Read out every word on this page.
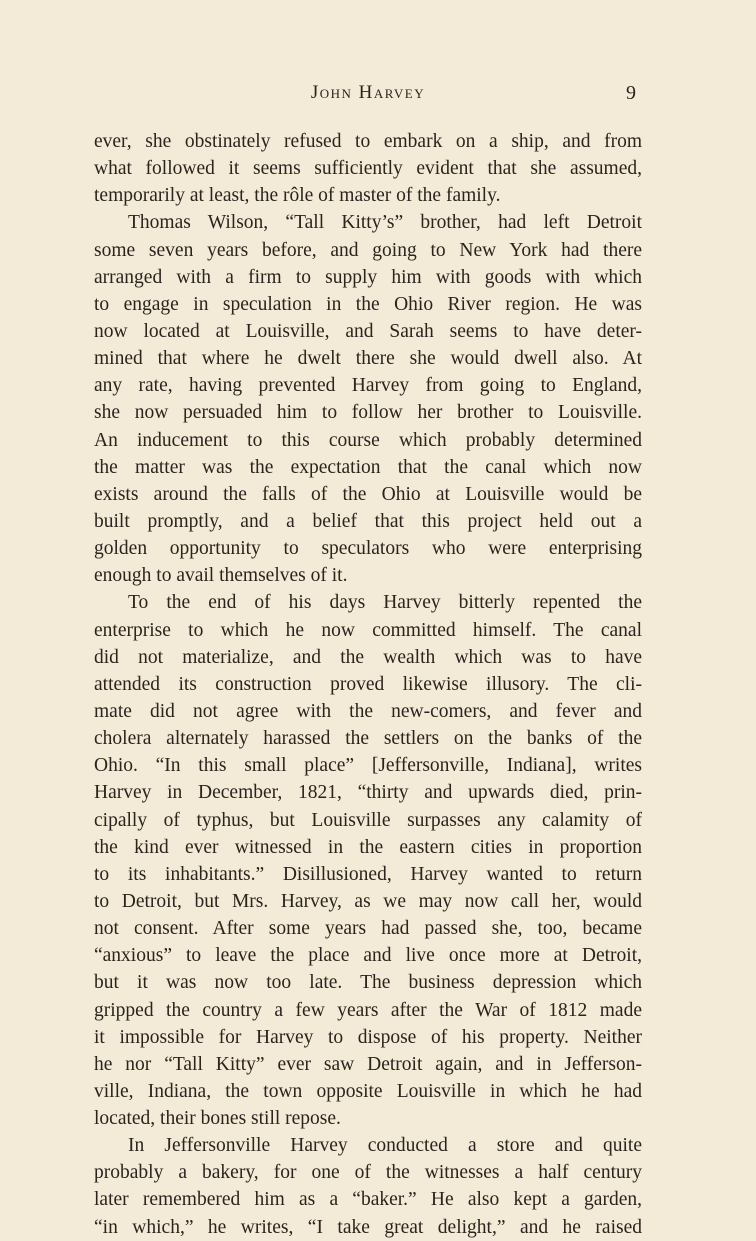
John Harvey	9
ever, she obstinately refused to embark on a ship, and from
what followed it seems sufficiently evident that she assumed,
temporarily at least, the rôle of master of the family.
Thomas Wilson, “Tall Kitty’s” brother, had left Detroit
some seven years before, and going to New York had there
arranged with a firm to supply him with goods with which
to engage in speculation in the Ohio River region. He was
now located at Louisville, and Sarah seems to have deter-
mined that where he dwelt there she would dwell also. At
any rate, having prevented Harvey from going to England,
she now persuaded him to follow her brother to Louisville.
An inducement to this course which probably determined
the matter was the expectation that the canal which now
exists around the falls of the Ohio at Louisville would be
built promptly, and a belief that this project held out a
golden opportunity to speculators who were enterprising
enough to avail themselves of it.
To the end of his days Harvey bitterly repented the
enterprise to which he now committed himself. The canal
did not materialize, and the wealth which was to have
attended its construction proved likewise illusory. The cli-
mate did not agree with the new-comers, and fever and
cholera alternately harassed the settlers on the banks of the
Ohio. “In this small place” [Jeffersonville, Indiana], writes
Harvey in December, 1821, “thirty and upwards died, prin-
cipally of typhus, but Louisville surpasses any calamity of
the kind ever witnessed in the eastern cities in proportion
to its inhabitants.” Disillusioned, Harvey wanted to return
to Detroit, but Mrs. Harvey, as we may now call her, would
not consent. After some years had passed she, too, became
“anxious” to leave the place and live once more at Detroit,
but it was now too late. The business depression which
gripped the country a few years after the War of 1812 made
it impossible for Harvey to dispose of his property. Neither
he nor “Tall Kitty” ever saw Detroit again, and in Jefferson-
ville, Indiana, the town opposite Louisville in which he had
located, their bones still repose.
In Jeffersonville Harvey conducted a store and quite
probably a bakery, for one of the witnesses a half century
later remembered him as a “baker.” He also kept a garden,
“in which,” he writes, “I take great delight,” and he raised
